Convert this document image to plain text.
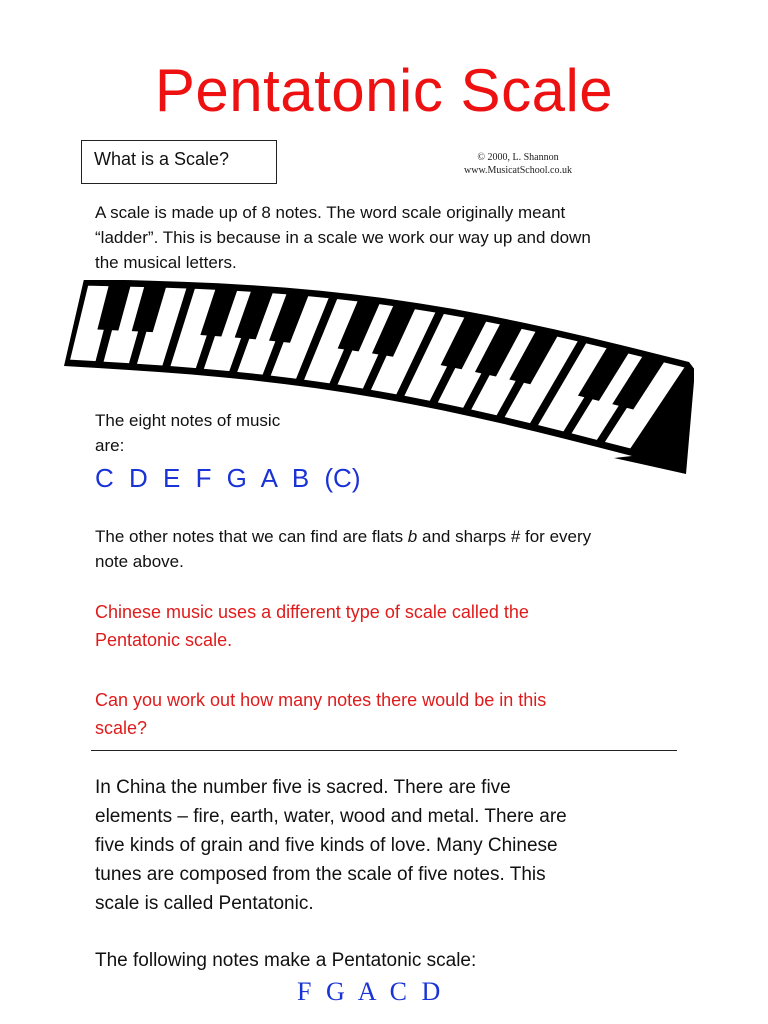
Pentatonic Scale
What is a Scale?	© 2000, L. Shannon
www.MusicatSchool.co.uk
A scale is made up of 8 notes. The word scale originally meant
“ladder”. This is because in a scale we work our way up and down
the musical letters.
The eight notes of music
are:
C D E F G A B (C)
The other notes that we can find are flats b and sharps # for every
note above.
Chinese music uses a different type of scale called the
Pentatonic scale.
Can you work out how many notes there would be in this
scale?
In China the number five is sacred. There are five
elements – fire, earth, water, wood and metal. There are
five kinds of grain and five kinds of love. Many Chinese
tunes are composed from the scale of five notes. This
scale is called Pentatonic.
The following notes make a Pentatonic scale:
F G A C D
